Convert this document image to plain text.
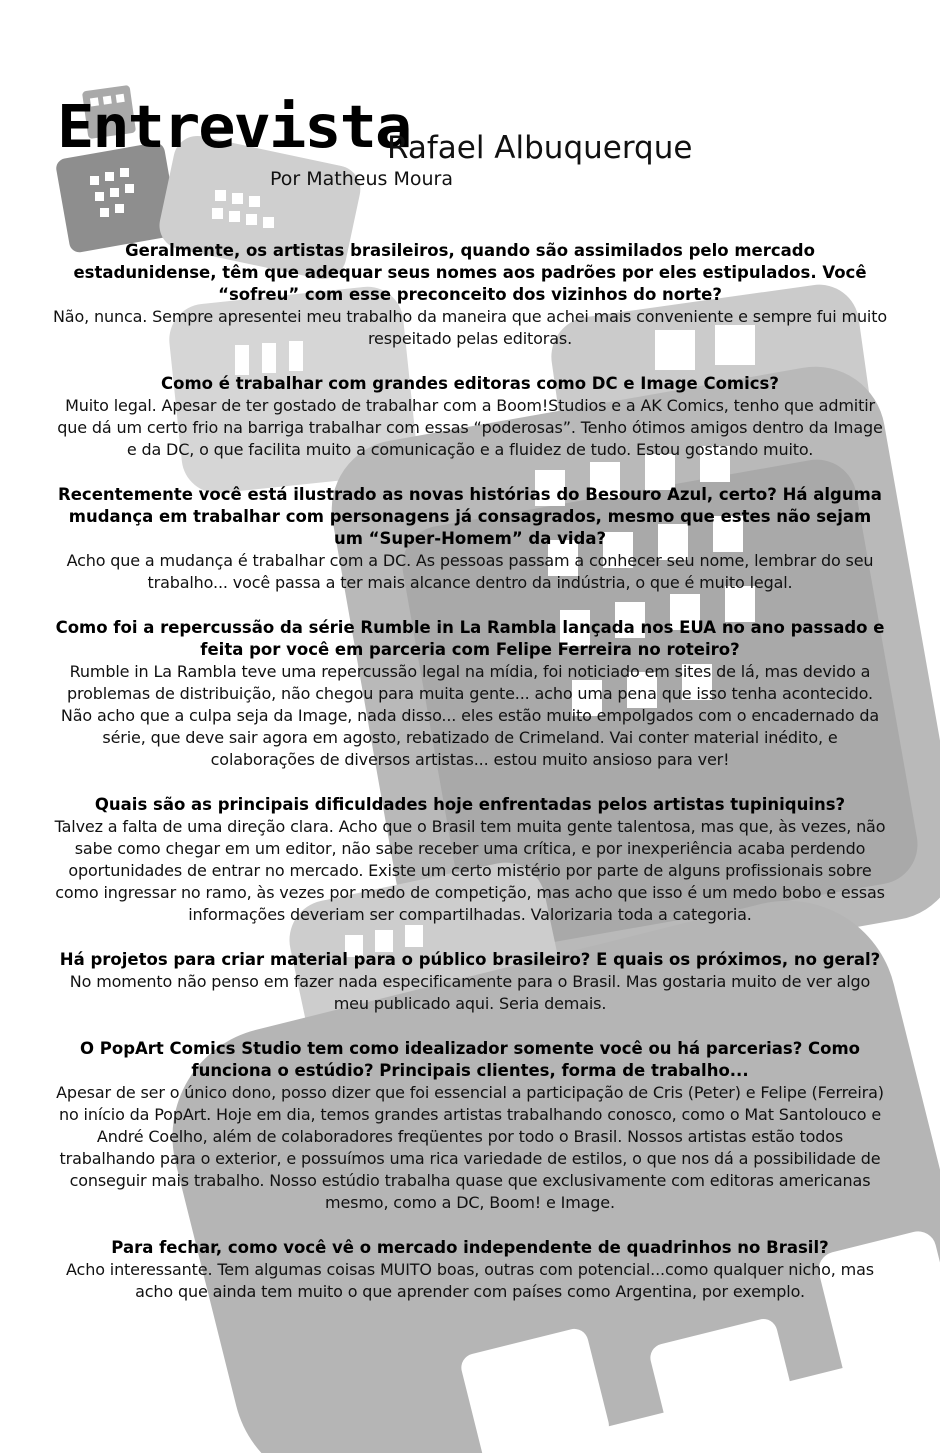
Entrevista
Rafael Albuquerque
Por Matheus Moura

Geralmente, os artistas brasileiros, quando são assimilados pelo mercado estadunidense, têm que adequar seus nomes aos padrões por eles estipulados. Você “sofreu” com esse preconceito dos vizinhos do norte?

Não, nunca. Sempre apresentei meu trabalho da maneira que achei mais conveniente e sempre fui muito respeitado pelas editoras.

Como é trabalhar com grandes editoras como DC e Image Comics?

Muito legal. Apesar de ter gostado de trabalhar com a Boom!Studios e a AK Comics, tenho que admitir que dá um certo frio na barriga trabalhar com essas “poderosas”. Tenho ótimos amigos dentro da Image e da DC, o que facilita muito a comunicação e a fluidez de tudo. Estou gostando muito.

Recentemente você está ilustrado as novas histórias do Besouro Azul, certo? Há alguma mudança em trabalhar com personagens já consagrados, mesmo que estes não sejam um “Super-Homem” da vida?

Acho que a mudança é trabalhar com a DC. As pessoas passam a conhecer seu nome, lembrar do seu trabalho... você passa a ter mais alcance dentro da indústria, o que é muito legal.

Como foi a repercussão da série Rumble in La Rambla lançada nos EUA no ano passado e feita por você em parceria com Felipe Ferreira no roteiro?

Rumble in La Rambla teve uma repercussão legal na mídia, foi noticiado em sites de lá, mas devido a problemas de distribuição, não chegou para muita gente... acho uma pena que isso tenha acontecido. Não acho que a culpa seja da Image, nada disso... eles estão muito empolgados com o encadernado da série, que deve sair agora em agosto, rebatizado de Crimeland. Vai conter material inédito, e colaborações de diversos artistas... estou muito ansioso para ver!

Quais são as principais dificuldades hoje enfrentadas pelos artistas tupiniquins?

Talvez a falta de uma direção clara. Acho que o Brasil tem muita gente talentosa, mas que, às vezes, não sabe como chegar em um editor, não sabe receber uma crítica, e por inexperiência acaba perdendo oportunidades de entrar no mercado. Existe um certo mistério por parte de alguns profissionais sobre como ingressar no ramo, às vezes por medo de competição, mas acho que isso é um medo bobo e essas informações deveriam ser compartilhadas. Valorizaria toda a categoria.

Há projetos para criar material para o público brasileiro? E quais os próximos, no geral?

No momento não penso em fazer nada especificamente para o Brasil. Mas gostaria muito de ver algo meu publicado aqui. Seria demais.

O PopArt Comics Studio tem como idealizador somente você ou há parcerias? Como funciona o estúdio? Principais clientes, forma de trabalho...

Apesar de ser o único dono, posso dizer que foi essencial a participação de Cris (Peter) e Felipe (Ferreira) no início da PopArt. Hoje em dia, temos grandes artistas trabalhando conosco, como o Mat Santolouco e André Coelho, além de colaboradores freqüentes por todo o Brasil. Nossos artistas estão todos trabalhando para o exterior, e possuímos uma rica variedade de estilos, o que nos dá a possibilidade de conseguir mais trabalho. Nosso estúdio trabalha quase que exclusivamente com editoras americanas mesmo, como a DC, Boom! e Image.

Para fechar, como você vê o mercado independente de quadrinhos no Brasil?

Acho interessante. Tem algumas coisas MUITO boas, outras com potencial...como qualquer nicho, mas acho que ainda tem muito o que aprender com países como Argentina, por exemplo.
